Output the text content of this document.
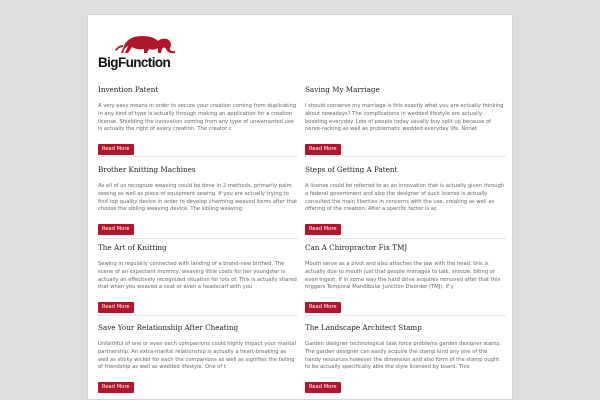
BigFunction
Invention Patent
A very easy means in order to secure your creation coming from duplicating in any kind of type is actually through making an application for a creation license. Shielding the innovation coming from any type of unwarranted use is actually the right of every creation. The creator c
Read More
Saving My Marriage
I should conserve my marriage-is this exactly what you are actually thinking about nowadays? The complications in wedded lifestyle are actually boosting everyday. Lots of people today usually buy split up because of nerve-racking as well as problematic wedded everyday life. Nonet
Read More
Brother Knitting Machines
As all of us recognize weaving could be done in 2 methods, primarily palm sewing as well as piece of equipment sewing. If you are actually trying to find top quality device in order to develop charming weaved items after that choose the sibling weaving device. The sibling weaving
Read More
Steps of Getting A Patent
A license could be referred to as an innovation that is actually given through a federal government and also the designer of such license is actually consulted the main liberties in concerns with the use, creating as well as offering of the creation. After a specific factor is ac
Read More
The Art of Knitting
Sewing in regularly connected with landing of a brand-new birthed. The scene of an expectant mommy, weaving little coats for her youngster is actually an effectively recognized situation for lots of. This is actually shared that when you weaved a coat or even a headscarf with you
Read More
Can A Chiropractor Fix TMJ
Mouth serve as a pivot and also attaches the jaw with the head. this is actually due to mouth just that people manages to talk, snooze, biting or even ingest. If in some way the hard drive acquires removed after that this triggers Temporal Mandibular Junction Disorder (TMJ). If y
Read More
Save Your Relationship After Cheating
Unfaithful of one or even each companions could highly impact your marital partnership. An extra-marital relationship is actually a heart-breaking as well as sticky wicket for each the companions as well as signifies the failing of friendship as well as wedded lifestyle. One of t
Read More
The Landscape Architect Stamp
Garden designer technological task force problems garden designer stamp. The garden designer can easily acquire the stamp kind any one of the handy resources however the dimension and also form of the stamp ought to be actually specifically able the style licensed by board. This
Read More
